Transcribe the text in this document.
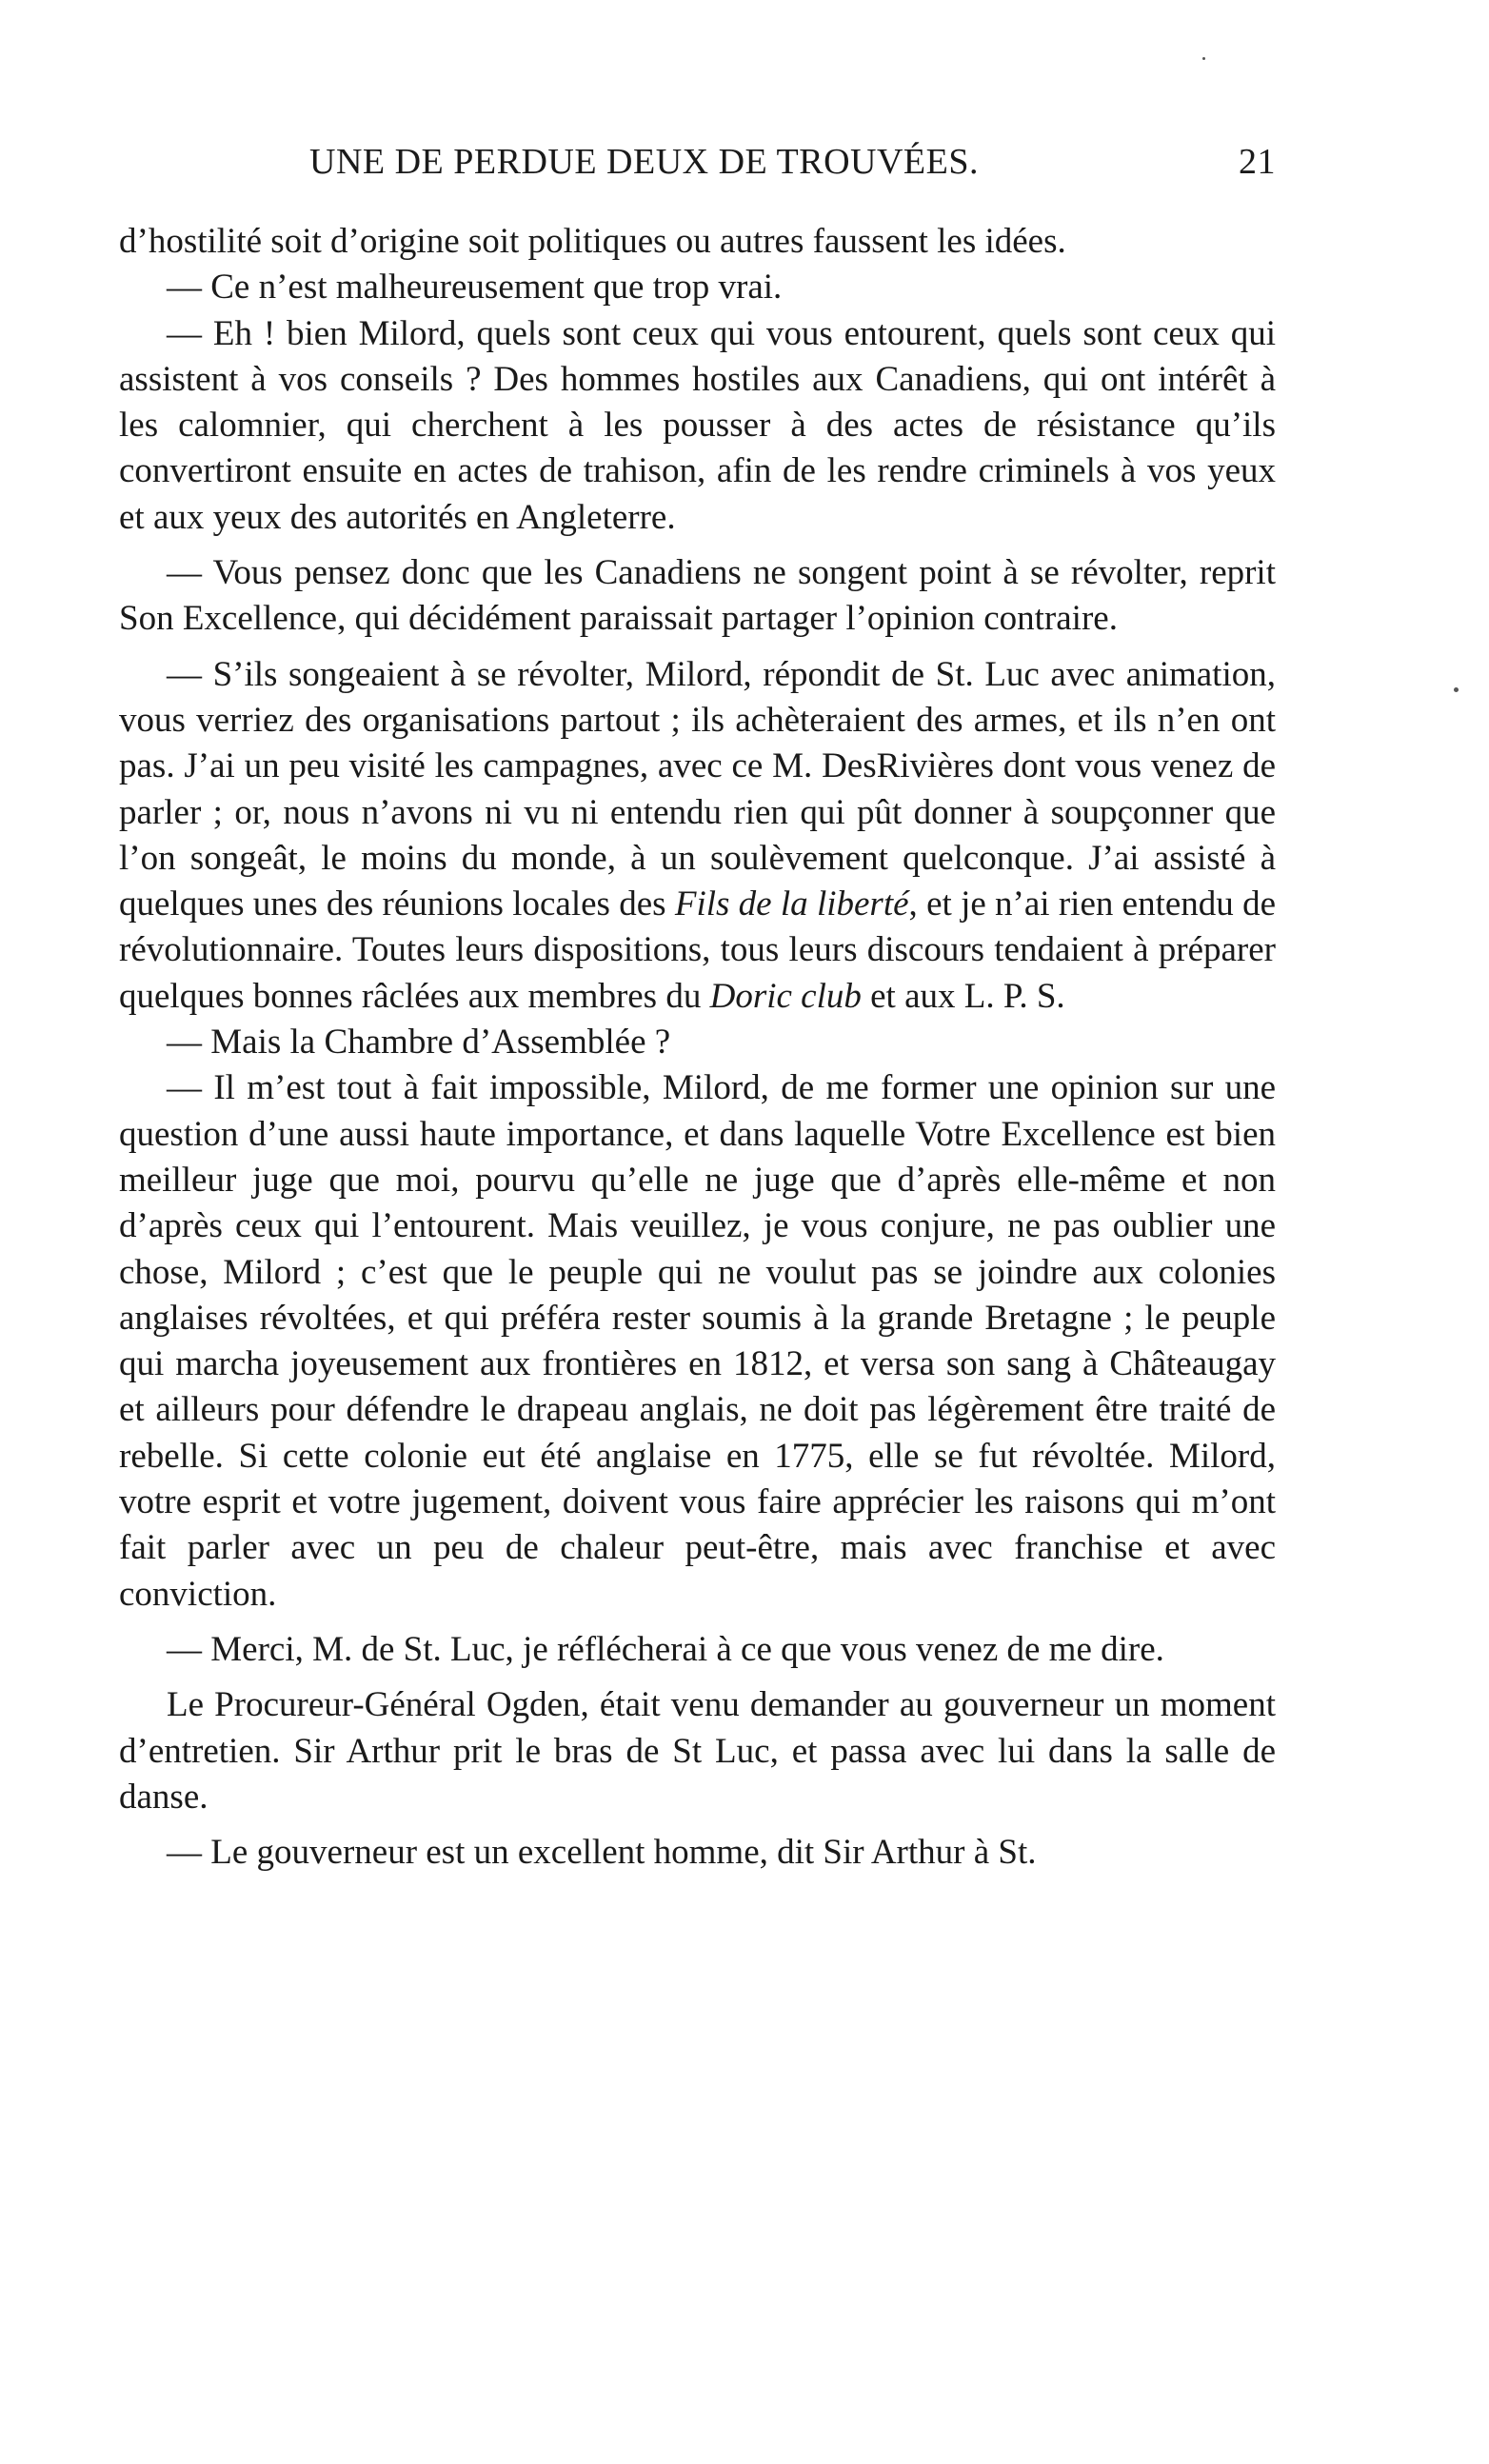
UNE DE PERDUE DEUX DE TROUVÉES.	21

d’hostilité soit d’origine soit politiques ou autres faussent les idées.

— Ce n’est malheureusement que trop vrai.

— Eh ! bien Milord, quels sont ceux qui vous entourent, quels sont ceux qui assistent à vos conseils ? Des hommes hostiles aux Canadiens, qui ont intérêt à les calomnier, qui cherchent à les pousser à des actes de résistance qu’ils convertiront ensuite en actes de trahison, afin de les rendre criminels à vos yeux et aux yeux des autorités en Angleterre.

— Vous pensez donc que les Canadiens ne songent point à se révolter, reprit Son Excellence, qui décidément paraissait partager l’opinion contraire.

— S’ils songeaient à se révolter, Milord, répondit de St. Luc avec animation, vous verriez des organisations partout ; ils achèteraient des armes, et ils n’en ont pas. J’ai un peu visité les campagnes, avec ce M. DesRivières dont vous venez de parler ; or, nous n’avons ni vu ni entendu rien qui pût donner à soupçonner que l’on songeât, le moins du monde, à un soulèvement quelconque. J’ai assisté à quelques unes des réunions locales des Fils de la liberté, et je n’ai rien entendu de révolutionnaire. Toutes leurs dispositions, tous leurs discours tendaient à préparer quelques bonnes râclées aux membres du Doric club et aux L. P. S.

— Mais la Chambre d’Assemblée ?

— Il m’est tout à fait impossible, Milord, de me former une opinion sur une question d’une aussi haute importance, et dans laquelle Votre Excellence est bien meilleur juge que moi, pourvu qu’elle ne juge que d’après elle-même et non d’après ceux qui l’entourent. Mais veuillez, je vous conjure, ne pas oublier une chose, Milord ; c’est que le peuple qui ne voulut pas se joindre aux colonies anglaises révoltées, et qui préféra rester soumis à la grande Bretagne ; le peuple qui marcha joyeusement aux frontières en 1812, et versa son sang à Châteaugay et ailleurs pour défendre le drapeau anglais, ne doit pas légèrement être traité de rebelle. Si cette colonie eut été anglaise en 1775, elle se fut révoltée. Milord, votre esprit et votre jugement, doivent vous faire apprécier les raisons qui m’ont fait parler avec un peu de chaleur peut-être, mais avec franchise et avec conviction.

— Merci, M. de St. Luc, je réflécherai à ce que vous venez de me dire.

Le Procureur-Général Ogden, était venu demander au gouverneur un moment d’entretien. Sir Arthur prit le bras de St Luc, et passa avec lui dans la salle de danse.

— Le gouverneur est un excellent homme, dit Sir Arthur à St.
